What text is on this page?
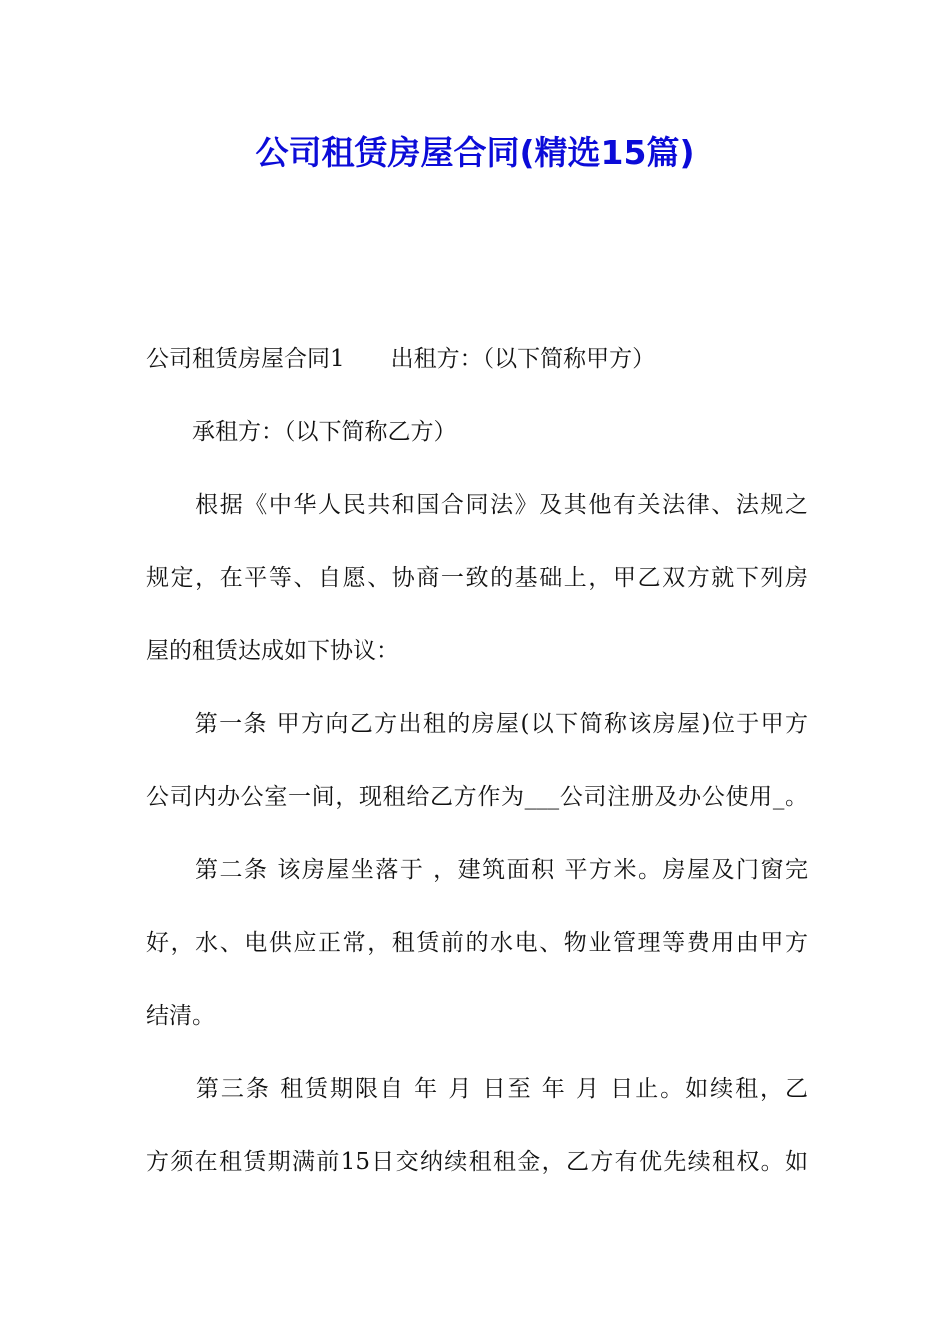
公司租赁房屋合同(精选15篇)
公司租赁房屋合同1　　出租方：（以下简称甲方）
　　承租方：（以下简称乙方）
　　根据《中华人民共和国合同法》及其他有关法律、法规之
规定，在平等、自愿、协商一致的基础上，甲乙双方就下列房
屋的租赁达成如下协议：
　　第一条 甲方向乙方出租的房屋(以下简称该房屋)位于甲方
公司内办公室一间，现租给乙方作为___公司注册及办公使用_。
　　第二条 该房屋坐落于 ，建筑面积 平方米。房屋及门窗完
好，水、电供应正常，租赁前的水电、物业管理等费用由甲方
结清。
　　第三条 租赁期限自 年 月 日至 年 月 日止。如续租，乙
方须在租赁期满前15日交纳续租租金，乙方有优先续租权。如
